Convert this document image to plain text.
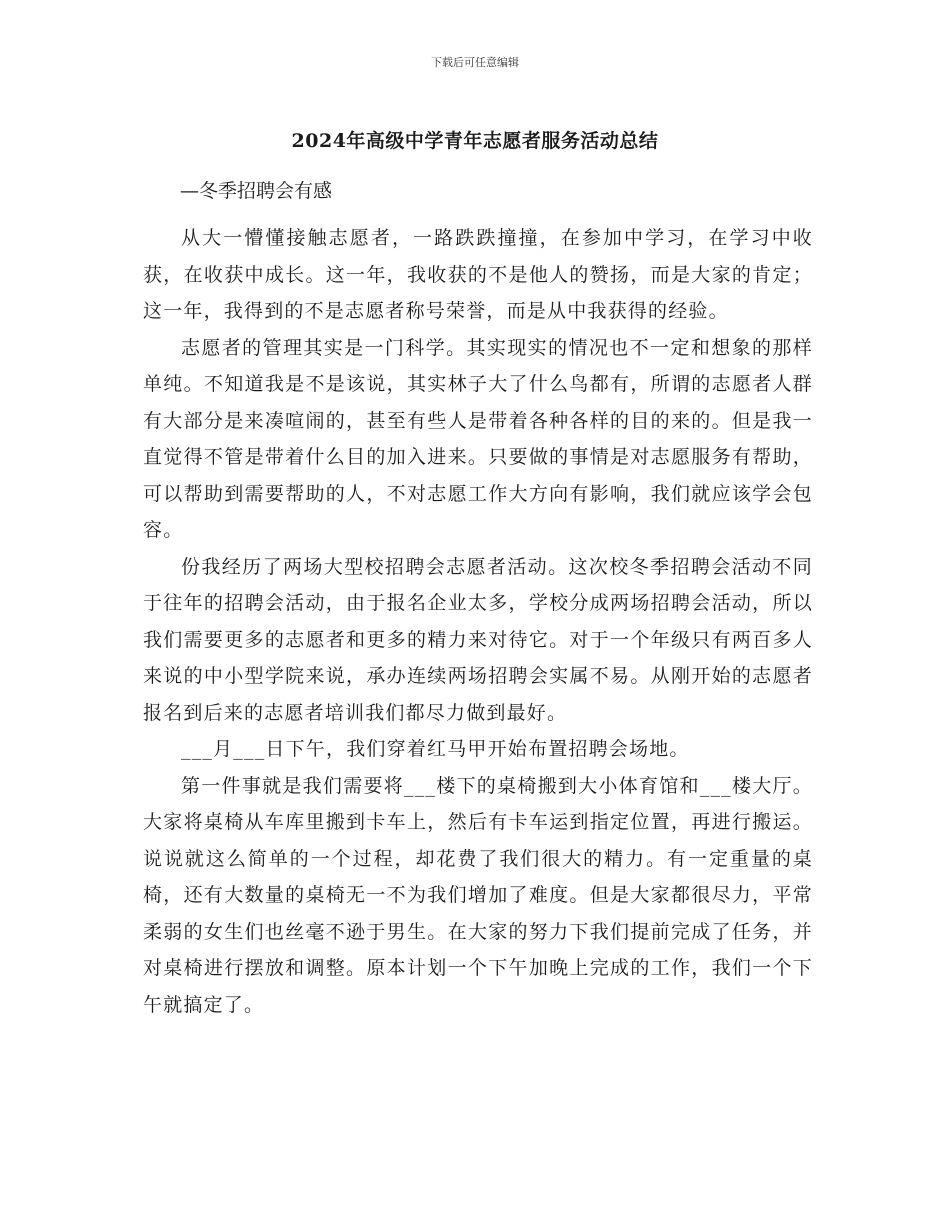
下载后可任意编辑
2024年高级中学青年志愿者服务活动总结
—冬季招聘会有感

从大一懵懂接触志愿者，一路跌跌撞撞，在参加中学习，在学习中收获，在收获中成长。这一年，我收获的不是他人的赞扬，而是大家的肯定；这一年，我得到的不是志愿者称号荣誉，而是从中我获得的经验。

志愿者的管理其实是一门科学。其实现实的情况也不一定和想象的那样单纯。不知道我是不是该说，其实林子大了什么鸟都有，所谓的志愿者人群有大部分是来凑喧闹的，甚至有些人是带着各种各样的目的来的。但是我一直觉得不管是带着什么目的加入进来。只要做的事情是对志愿服务有帮助，可以帮助到需要帮助的人，不对志愿工作大方向有影响，我们就应该学会包容。

份我经历了两场大型校招聘会志愿者活动。这次校冬季招聘会活动不同于往年的招聘会活动，由于报名企业太多，学校分成两场招聘会活动，所以我们需要更多的志愿者和更多的精力来对待它。对于一个年级只有两百多人来说的中小型学院来说，承办连续两场招聘会实属不易。从刚开始的志愿者报名到后来的志愿者培训我们都尽力做到最好。

___月___日下午，我们穿着红马甲开始布置招聘会场地。

第一件事就是我们需要将___楼下的桌椅搬到大小体育馆和___楼大厅。大家将桌椅从车库里搬到卡车上，然后有卡车运到指定位置，再进行搬运。说说就这么简单的一个过程，却花费了我们很大的精力。有一定重量的桌椅，还有大数量的桌椅无一不为我们增加了难度。但是大家都很尽力，平常柔弱的女生们也丝毫不逊于男生。在大家的努力下我们提前完成了任务，并对桌椅进行摆放和调整。原本计划一个下午加晚上完成的工作，我们一个下午就搞定了。
